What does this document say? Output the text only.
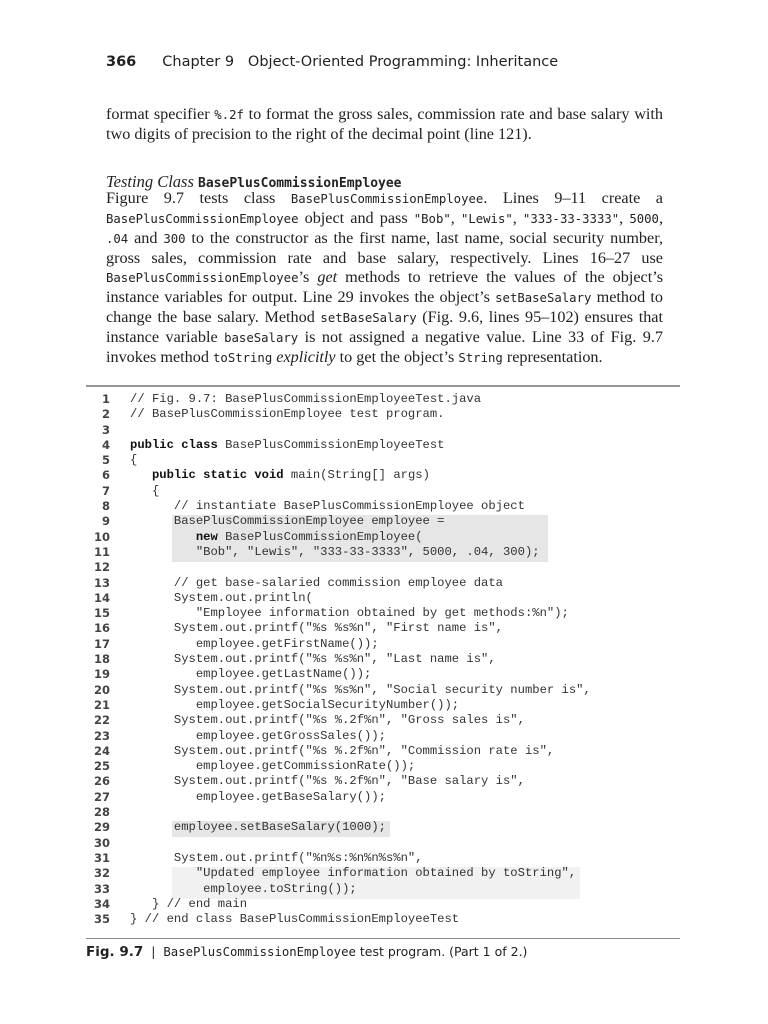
366 Chapter 9 Object-Oriented Programming: Inheritance
format specifier %.2f to format the gross sales, commission rate and base salary with two digits of precision to the right of the decimal point (line 121).
Testing Class BasePlusCommissionEmployee
Figure 9.7 tests class BasePlusCommissionEmployee. Lines 9–11 create a BasePlusCommissionEmployee object and pass "Bob", "Lewis", "333-33-3333", 5000, .04 and 300 to the constructor as the first name, last name, social security number, gross sales, commission rate and base salary, respectively. Lines 16–27 use BasePlusCommissionEmployee’s get methods to retrieve the values of the object’s instance variables for output. Line 29 invokes the object’s setBaseSalary method to change the base salary. Method setBaseSalary (Fig. 9.6, lines 95–102) ensures that instance variable baseSalary is not assigned a negative value. Line 33 of Fig. 9.7 invokes method toString explicitly to get the object’s String representation.
1 // Fig. 9.7: BasePlusCommissionEmployeeTest.java
2 // BasePlusCommissionEmployee test program.
3
4 public class BasePlusCommissionEmployeeTest
5 {
6	public static void main(String[] args)
7 {
8 // instantiate BasePlusCommissionEmployee object
9 BasePlusCommissionEmployee employee =
10	new BasePlusCommissionEmployee(
11 "Bob", "Lewis", "333-33-3333", 5000, .04, 300);
12
13 // get base-salaried commission employee data
14 System.out.println(
15 "Employee information obtained by get methods:%n");
16 System.out.printf("%s %s%n", "First name is",
17 employee.getFirstName());
18 System.out.printf("%s %s%n", "Last name is",
19 employee.getLastName());
20 System.out.printf("%s %s%n", "Social security number is",
21 employee.getSocialSecurityNumber());
22 System.out.printf("%s %.2f%n", "Gross sales is",
23 employee.getGrossSales());
24 System.out.printf("%s %.2f%n", "Commission rate is",
25 employee.getCommissionRate());
26 System.out.printf("%s %.2f%n", "Base salary is",
27 employee.getBaseSalary());
28
29 employee.setBaseSalary(1000);
30
31 System.out.printf("%n%s:%n%n%s%n",
32 "Updated employee information obtained by toString",
33 employee.toString());
34 } // end main
35 } // end class BasePlusCommissionEmployeeTest
Fig. 9.7 | BasePlusCommissionEmployee test program. (Part 1 of 2.)
